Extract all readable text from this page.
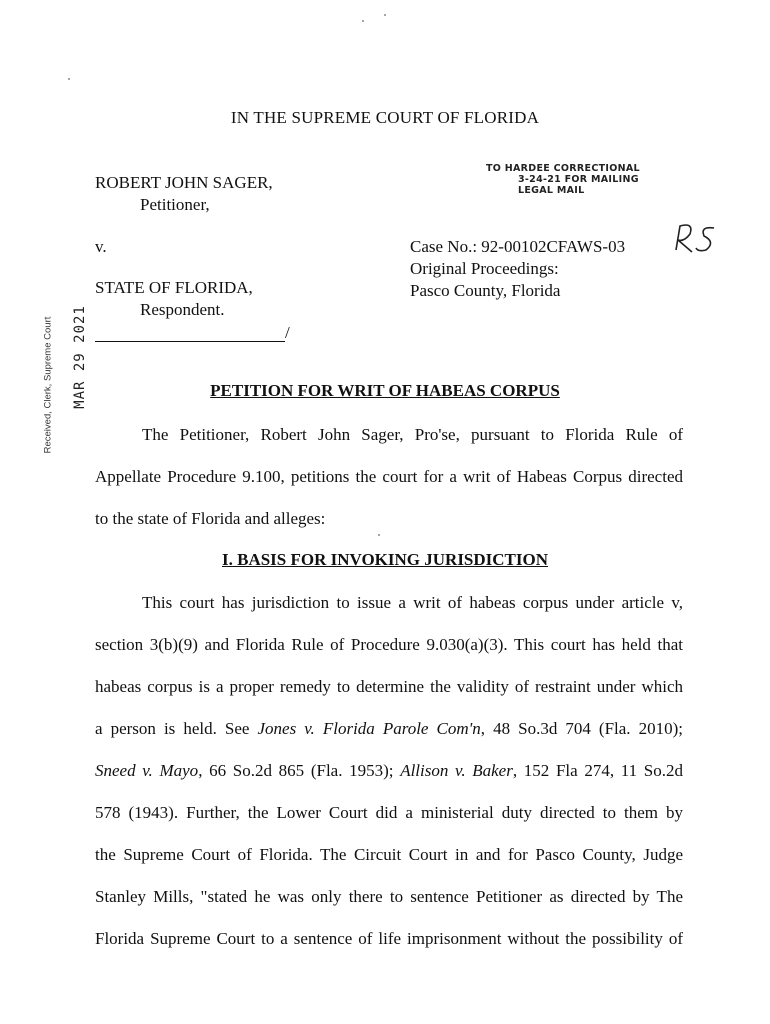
IN THE SUPREME COURT OF FLORIDA
ROBERT JOHN SAGER,
Petitioner,
v.
STATE OF FLORIDA,
Respondent.
/
Case No.: 92-00102CFAWS-03
Original Proceedings:
Pasco County, Florida
TO HARDEE CORRECTIONAL
3-24-21 FOR MAILING
LEGAL MAIL
Received, Clerk, Supreme Court MAR 29 2021	PETITION FOR WRIT OF HABEAS CORPUS
The Petitioner, Robert John Sager, Pro'se, pursuant to Florida Rule of
Appellate Procedure 9.100, petitions the court for a writ of Habeas Corpus directed
to the state of Florida and alleges:
I. BASIS FOR INVOKING JURISDICTION
This court has jurisdiction to issue a writ of habeas corpus under article v,
section 3(b)(9) and Florida Rule of Procedure 9.030(a)(3). This court has held that
habeas corpus is a proper remedy to determine the validity of restraint under which
a person is held. See Jones v. Florida Parole Com'n, 48 So.3d 704 (Fla. 2010);
Sneed v. Mayo, 66 So.2d 865 (Fla. 1953); Allison v. Baker, 152 Fla 274, 11 So.2d
578 (1943). Further, the Lower Court did a ministerial duty directed to them by
the Supreme Court of Florida. The Circuit Court in and for Pasco County, Judge
Stanley Mills, "stated he was only there to sentence Petitioner as directed by The
Florida Supreme Court to a sentence of life imprisonment without the possibility of
